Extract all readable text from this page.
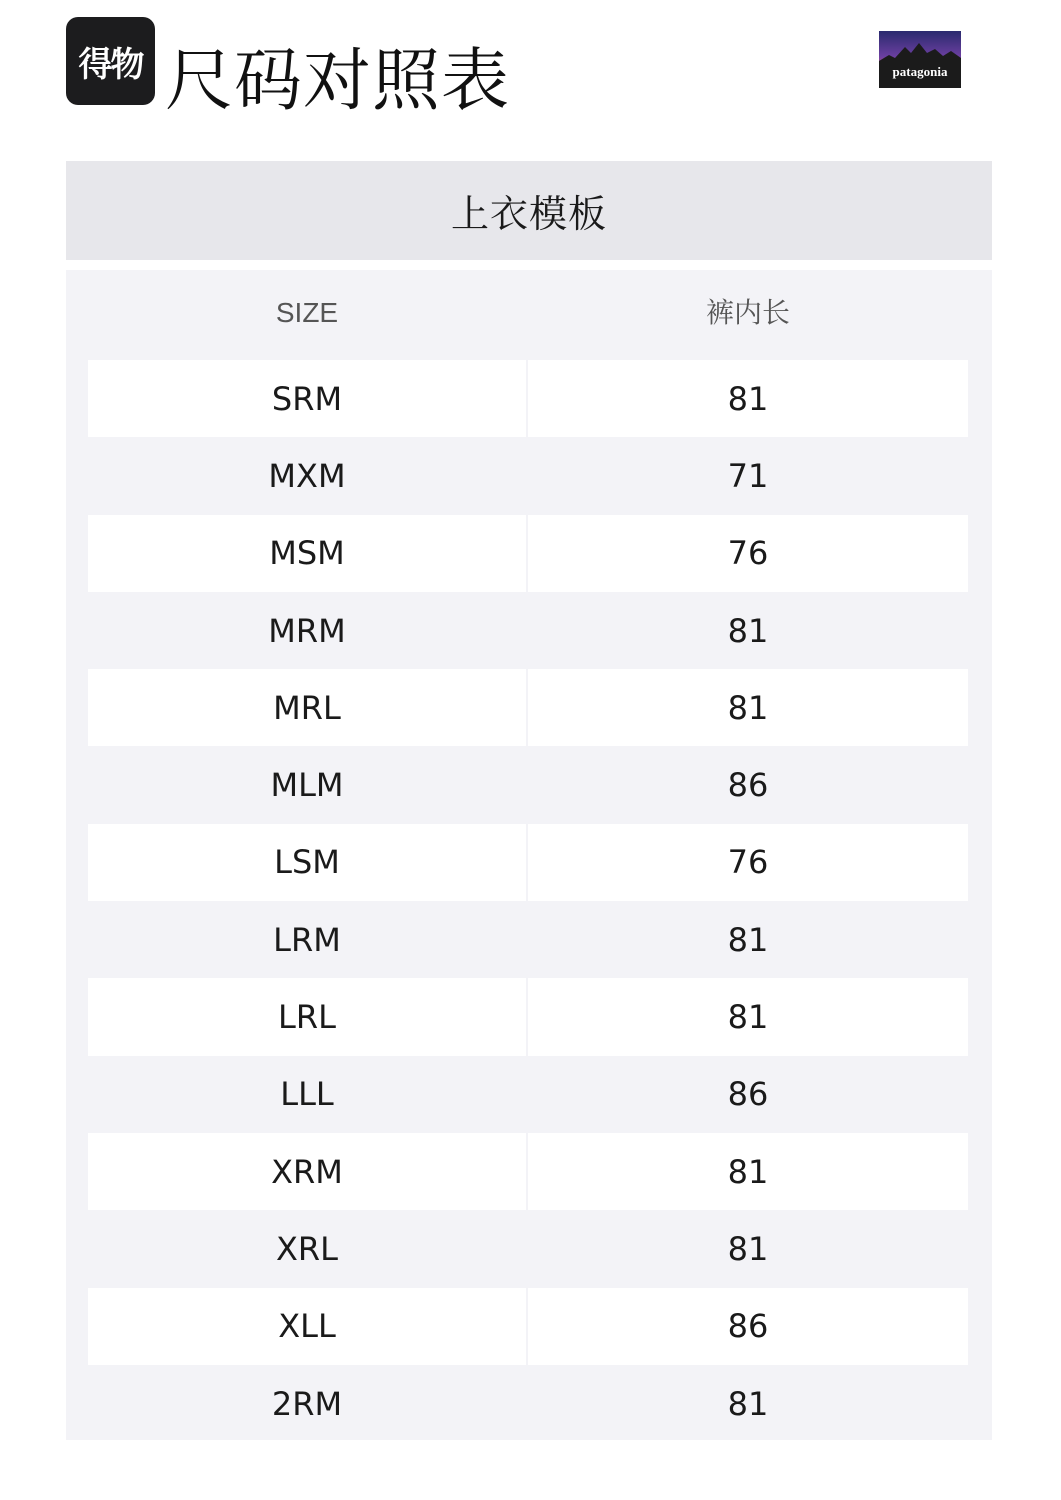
得物 尺码对照表	patagonia
上衣模板
SIZE	裤内长
SRM	81
MXM	71
MSM	76
MRM	81
MRL	81
MLM	86
LSM	76
LRM	81
LRL	81
LLL	86
XRM	81
XRL	81
XLL	86
2RM	81
